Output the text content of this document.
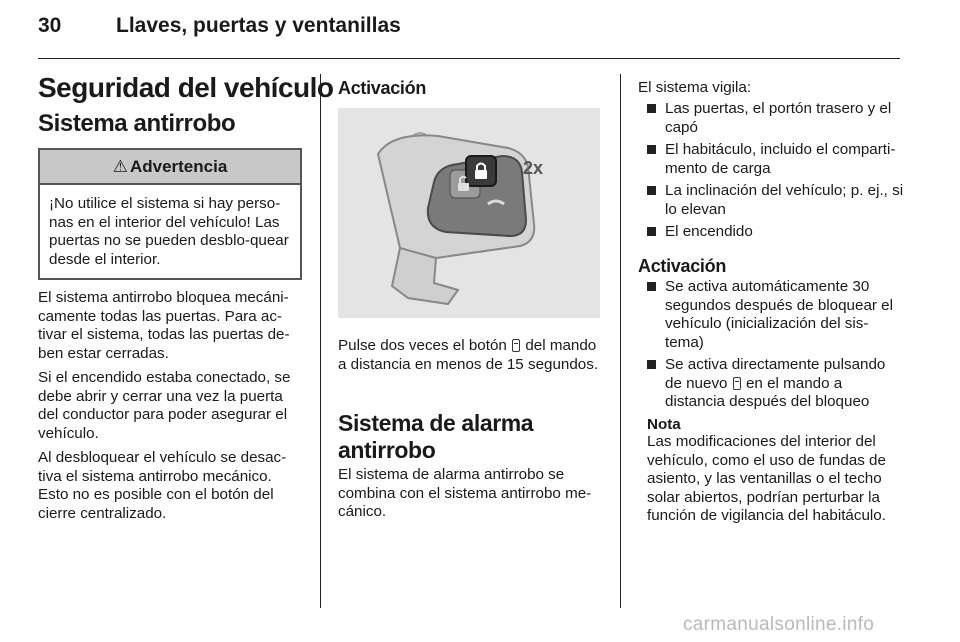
30	Llaves, puertas y ventanillas
Seguridad del vehículo
Sistema antirrobo
⚠ Advertencia
¡No utilice el sistema si hay perso-nas en el interior del vehículo! Las puertas no se pueden desblo-quear desde el interior.

El sistema antirrobo bloquea mecáni-camente todas las puertas. Para ac-tivar el sistema, todas las puertas de-ben estar cerradas.

Si el encendido estaba conectado, se debe abrir y cerrar una vez la puerta del conductor para poder asegurar el vehículo.

Al desbloquear el vehículo se desac-tiva el sistema antirrobo mecánico. Esto no es posible con el botón del cierre centralizado.

Activación
2x
Pulse dos veces el botón del mando a distancia en menos de 15 segundos.
Sistema de alarma antirrobo
El sistema de alarma antirrobo se combina con el sistema antirrobo me-cánico.
El sistema vigila:
Las puertas, el portón trasero y el capó
El habitáculo, incluido el comparti-mento de carga
La inclinación del vehículo; p. ej., si lo elevan
El encendido
Activación
Se activa automáticamente 30 segundos después de bloquear el vehículo (inicialización del sis-tema)
Se activa directamente pulsando de nuevo en el mando a distancia después del bloqueo
Nota
Las modificaciones del interior del vehículo, como el uso de fundas de asiento, y las ventanillas o el techo solar abiertos, podrían perturbar la función de vigilancia del habitáculo.
carmanualsonline.info
